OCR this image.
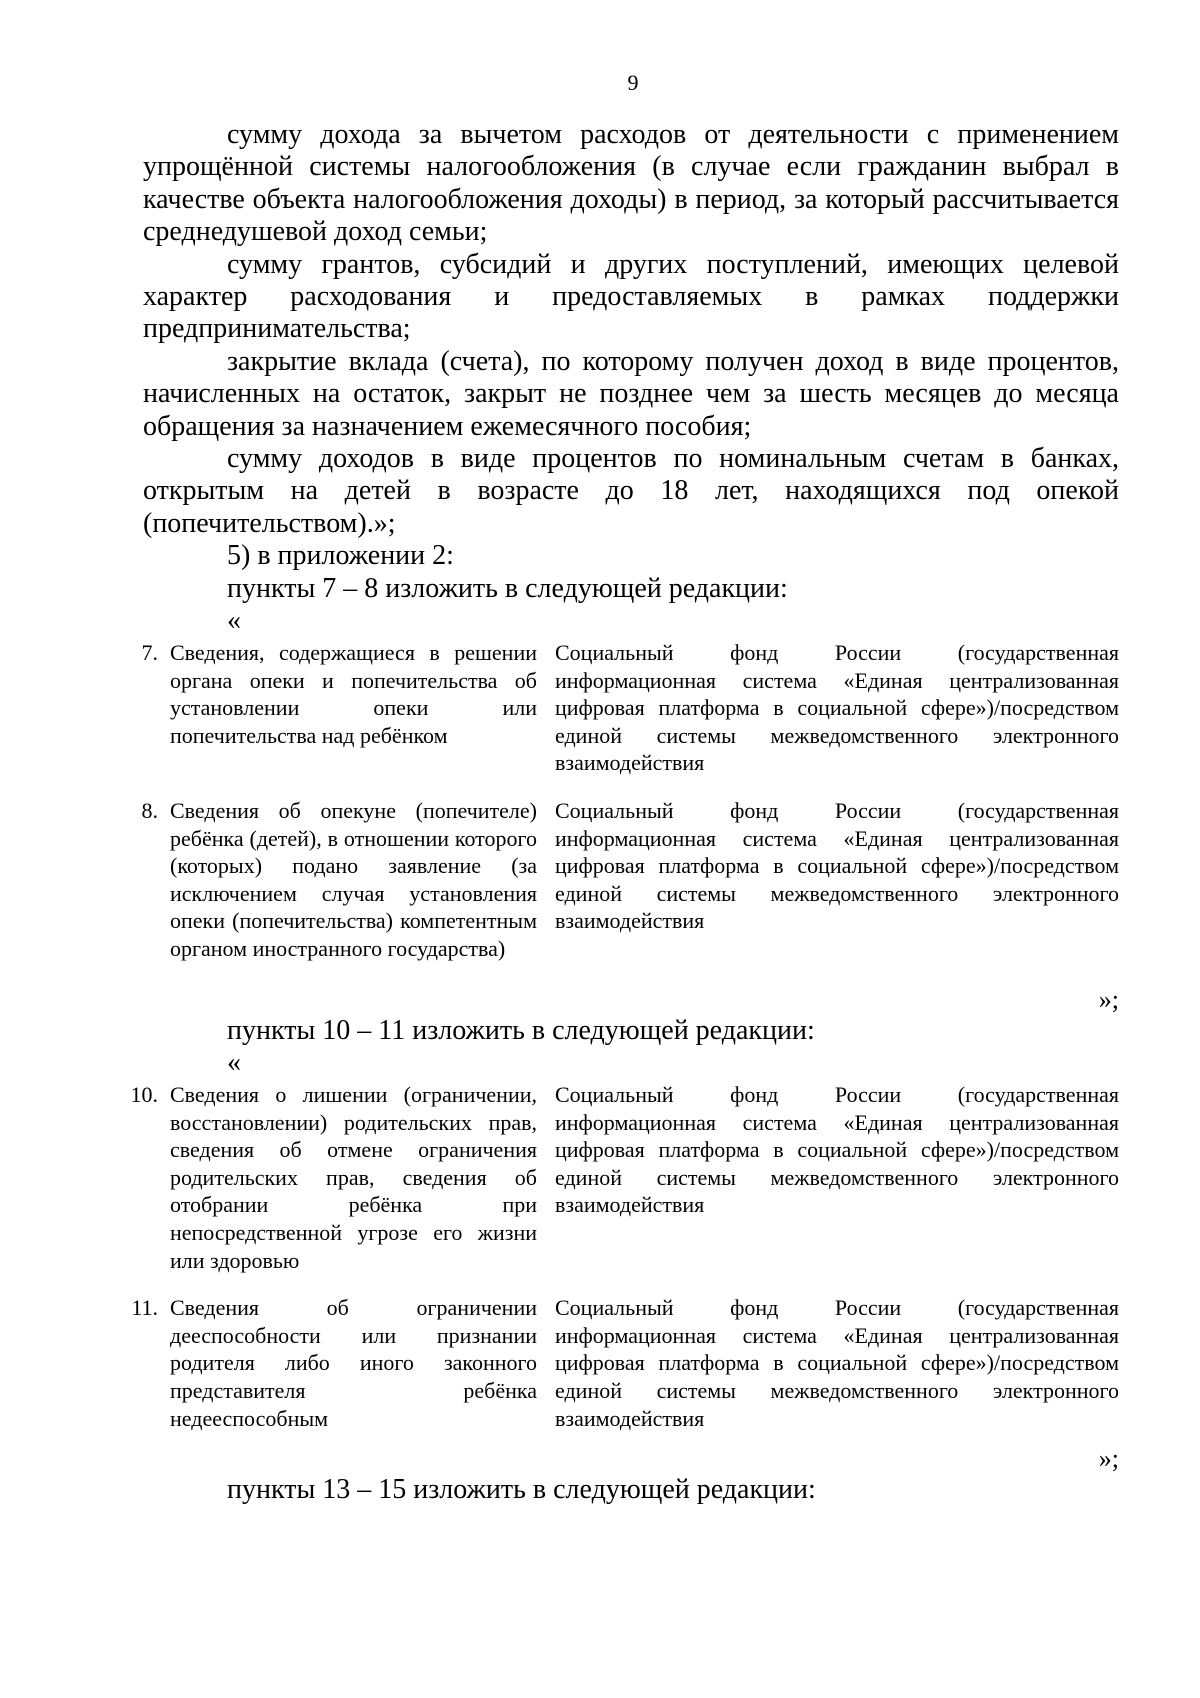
9

сумму дохода за вычетом расходов от деятельности с применением упрощённой системы налогообложения (в случае если гражданин выбрал в качестве объекта налогообложения доходы) в период, за который рассчитывается среднедушевой доход семьи;

сумму грантов, субсидий и других поступлений, имеющих целевой характер расходования и предоставляемых в рамках поддержки предпринимательства;

закрытие вклада (счета), по которому получен доход в виде процентов, начисленных на остаток, закрыт не позднее чем за шесть месяцев до месяца обращения за назначением ежемесячного пособия;

сумму доходов в виде процентов по номинальным счетам в банках, открытым на детей в возрасте до 18 лет, находящихся под опекой (попечительством).»;

5) в приложении 2:

пункты 7 – 8 изложить в следующей редакции:

«

7. Сведения, содержащиеся в решении органа опеки и попечительства об установлении опеки или попечительства над ребёнком
Социальный фонд России (государственная информационная система «Единая централизованная цифровая платформа в социальной сфере»)/посредством единой системы межведомственного электронного взаимодействия
8. Сведения об опекуне (попечителе) ребёнка (детей), в отношении которого (которых) подано заявление (за исключением случая установления опеки (попечительства) компетентным органом иностранного государства)
Социальный фонд России (государственная информационная система «Единая централизованная цифровая платформа в социальной сфере»)/посредством единой системы межведомственного электронного взаимодействия
»;

пункты 10 – 11 изложить в следующей редакции:

«

10. Сведения о лишении (ограничении, восстановлении) родительских прав, сведения об отмене ограничения родительских прав, сведения об отобрании ребёнка при непосредственной угрозе его жизни или здоровью
Социальный фонд России (государственная информационная система «Единая централизованная цифровая платформа в социальной сфере»)/посредством единой системы межведомственного электронного взаимодействия
11. Сведения об ограничении дееспособности или признании родителя либо иного законного представителя ребёнка недееспособным
Социальный фонд России (государственная информационная система «Единая централизованная цифровая платформа в социальной сфере»)/посредством единой системы межведомственного электронного взаимодействия
»;

пункты 13 – 15 изложить в следующей редакции:
